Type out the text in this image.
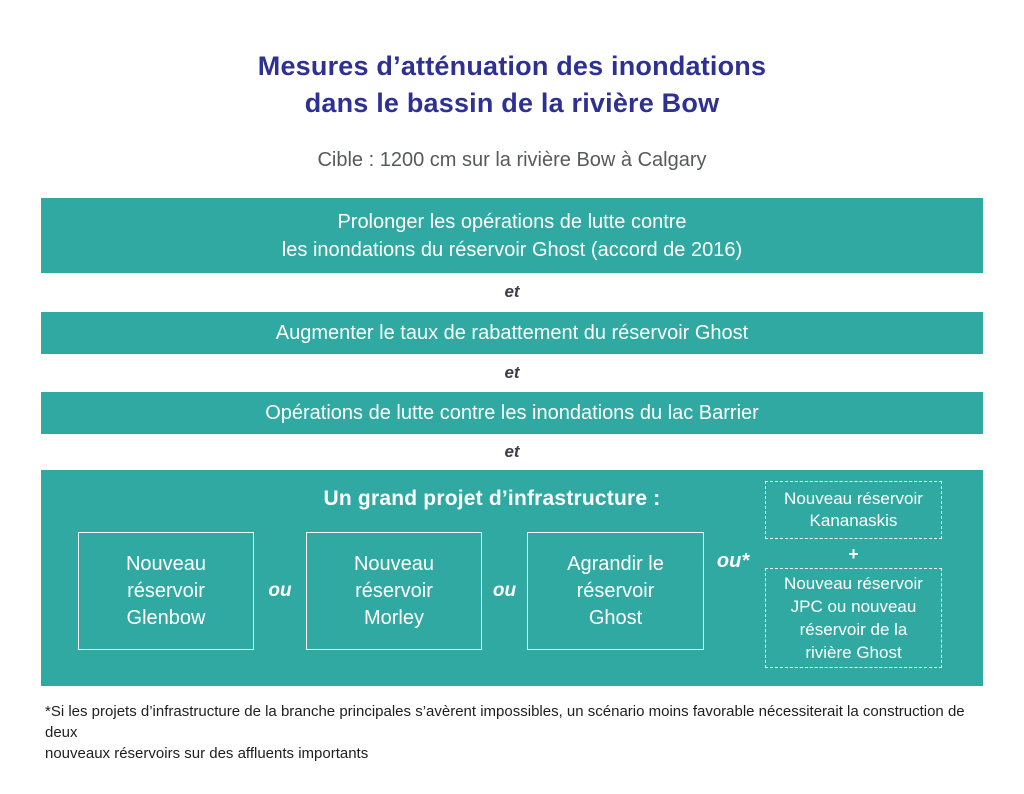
Mesures d’atténuation des inondations
dans le bassin de la rivière Bow
Cible : 1200 cm sur la rivière Bow à Calgary
Prolonger les opérations de lutte contre
les inondations du réservoir Ghost (accord de 2016)
et
Augmenter le taux de rabattement du réservoir Ghost
et
Opérations de lutte contre les inondations du lac Barrier
et
Un grand projet d’infrastructure :
Nouveau
réservoir
Glenbow
ou
Nouveau
réservoir
Morley
ou
Agrandir le
réservoir
Ghost
ou*
Nouveau réservoir
Kananaskis
+
Nouveau réservoir
JPC ou nouveau
réservoir de la
rivière Ghost
*Si les projets d’infrastructure de la branche principales s’avèrent impossibles, un scénario moins favorable nécessiterait la construction de deux
nouveaux réservoirs sur des affluents importants
